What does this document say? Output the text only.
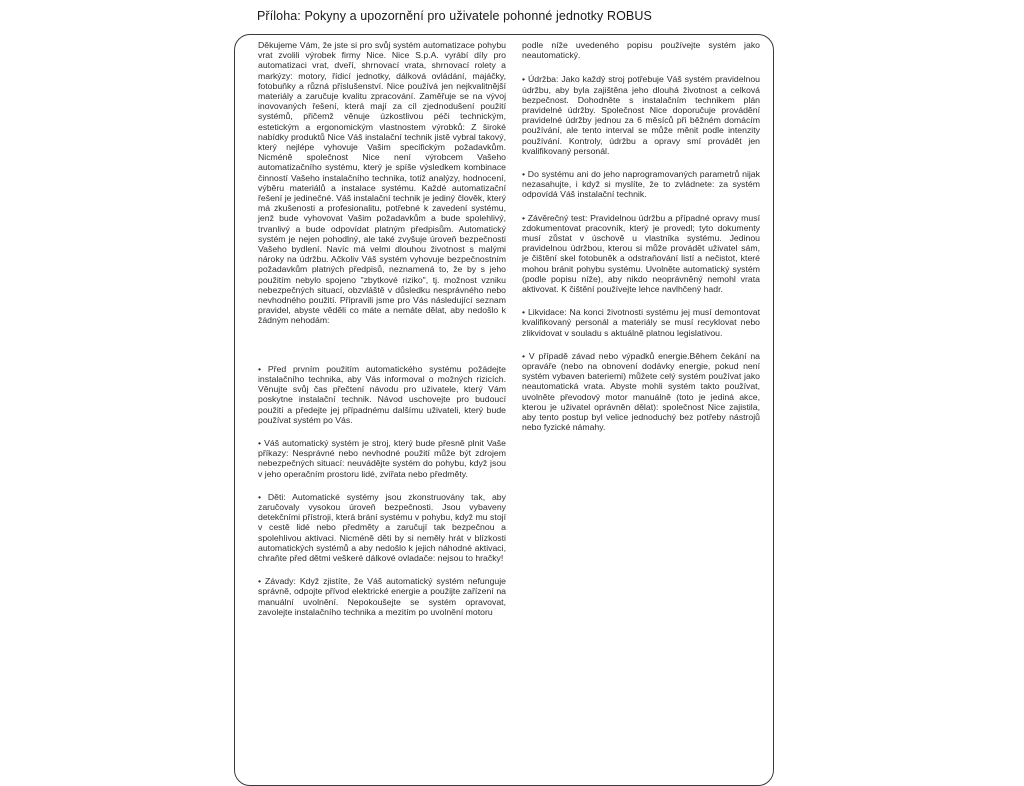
Příloha: Pokyny a upozornění pro uživatele pohonné jednotky ROBUS

Děkujeme Vám, že jste si pro svůj systém automatizace pohybu vrat zvolili výrobek firmy Nice. Nice S.p.A. vyrábí díly pro automatizaci vrat, dveří, shrnovací vrata, shrnovací rolety a markýzy: motory, řídicí jednotky, dálková ovládání, majáčky, fotobuňky a různá příslušenství. Nice používá jen nejkvalitnější materiály a zaručuje kvalitu zpracování. Zaměřuje se na vývoj inovovaných řešení, která mají za cíl zjednodušení použití systémů, přičemž věnuje úzkostlivou péči technickým, estetickým a ergonomickým vlastnostem výrobků: Z široké nabídky produktů Nice Váš instalační technik jistě vybral takový, který nejlépe vyhovuje Vašim specifickým požadavkům. Nicméně společnost Nice není výrobcem Vašeho automatizačního systému, který je spíše výsledkem kombinace činností Vašeho instalačního technika, totiž analýzy, hodnocení, výběru materiálů a instalace systému. Každé automatizační řešení je jedinečné. Váš instalační technik je jediný člověk, který má zkušenosti a profesionalitu, potřebné k zavedení systému, jenž bude vyhovovat Vašim požadavkům a bude spolehlivý, trvanlivý a bude odpovídat platným předpisům. Automatický systém je nejen pohodlný, ale také zvyšuje úroveň bezpečnosti Vašeho bydlení. Navíc má velmi dlouhou životnost s malými nároky na údržbu. Ačkoliv Váš systém vyhovuje bezpečnostním požadavkům platných předpisů, neznamená to, že by s jeho použitím nebylo spojeno "zbytkové riziko", tj. možnost vzniku nebezpečných situací, obzvláště v důsledku nesprávného nebo nevhodného použití. Připravili jsme pro Vás následující seznam pravidel, abyste věděli co máte a nemáte dělat, aby nedošlo k žádným nehodám:

• Před prvním použitím automatického systému požádejte instalačního technika, aby Vás informoval o možných rizicích. Věnujte svůj čas přečtení návodu pro uživatele, který Vám poskytne instalační technik. Návod uschovejte pro budoucí použití a předejte jej případnému dalšímu uživateli, který bude používat systém po Vás.

• Váš automatický systém je stroj, který bude přesně plnit Vaše příkazy: Nesprávné nebo nevhodné použití může být zdrojem nebezpečných situací: neuvádějte systém do pohybu, když jsou v jeho operačním prostoru lidé, zvířata nebo předměty.

• Děti: Automatické systémy jsou zkonstruovány tak, aby zaručovaly vysokou úroveň bezpečnosti. Jsou vybaveny detekčními přístroji, která brání systému v pohybu, když mu stojí v cestě lidé nebo předměty a zaručují tak bezpečnou a spolehlivou aktivaci. Nicméně děti by si neměly hrát v blízkosti automatických systémů a aby nedošlo k jejich náhodné aktivaci, chraňte před dětmi veškeré dálkové ovladače: nejsou to hračky!

• Závady: Když zjistíte, že Váš automatický systém nefunguje správně, odpojte přívod elektrické energie a použijte zařízení na manuální uvolnění. Nepokoušejte se systém opravovat, zavolejte instalačního technika a mezitím po uvolnění motoru

podle níže uvedeného popisu používejte systém jako neautomatický.

• Údržba: Jako každý stroj potřebuje Váš systém pravidelnou údržbu, aby byla zajištěna jeho dlouhá životnost a celková bezpečnost. Dohodněte s instalačním technikem plán pravidelné údržby. Společnost Nice doporučuje provádění pravidelné údržby jednou za 6 měsíců při běžném domácím používání, ale tento interval se může měnit podle intenzity používání. Kontroly, údržbu a opravy smí provádět jen kvalifikovaný personál.

• Do systému ani do jeho naprogramovaných parametrů nijak nezasahujte, i když si myslíte, že to zvládnete: za systém odpovídá Váš instalační technik.

• Závěrečný test: Pravidelnou údržbu a případné opravy musí zdokumentovat pracovník, který je provedl; tyto dokumenty musí zůstat v úschově u vlastníka systému. Jedinou pravidelnou údržbou, kterou si může provádět uživatel sám, je čištění skel fotobuněk a odstraňování listí a nečistot, které mohou bránit pohybu systému. Uvolněte automatický systém (podle popisu níže), aby nikdo neoprávněný nemohl vrata aktivovat. K čištění používejte lehce navlhčený hadr.

• Likvidace: Na konci životnosti systému jej musí demontovat kvalifikovaný personál a materiály se musí recyklovat nebo zlikvidovat v souladu s aktuálně platnou legislativou.

• V případě závad nebo výpadků energie.Během čekání na opraváře (nebo na obnovení dodávky energie, pokud není systém vybaven bateriemi) můžete celý systém používat jako neautomatická vrata. Abyste mohli systém takto používat, uvolněte převodový motor manuálně (toto je jediná akce, kterou je uživatel oprávněn dělat): společnost Nice zajistila, aby tento postup byl velice jednoduchý bez potřeby nástrojů nebo fyzické námahy.
